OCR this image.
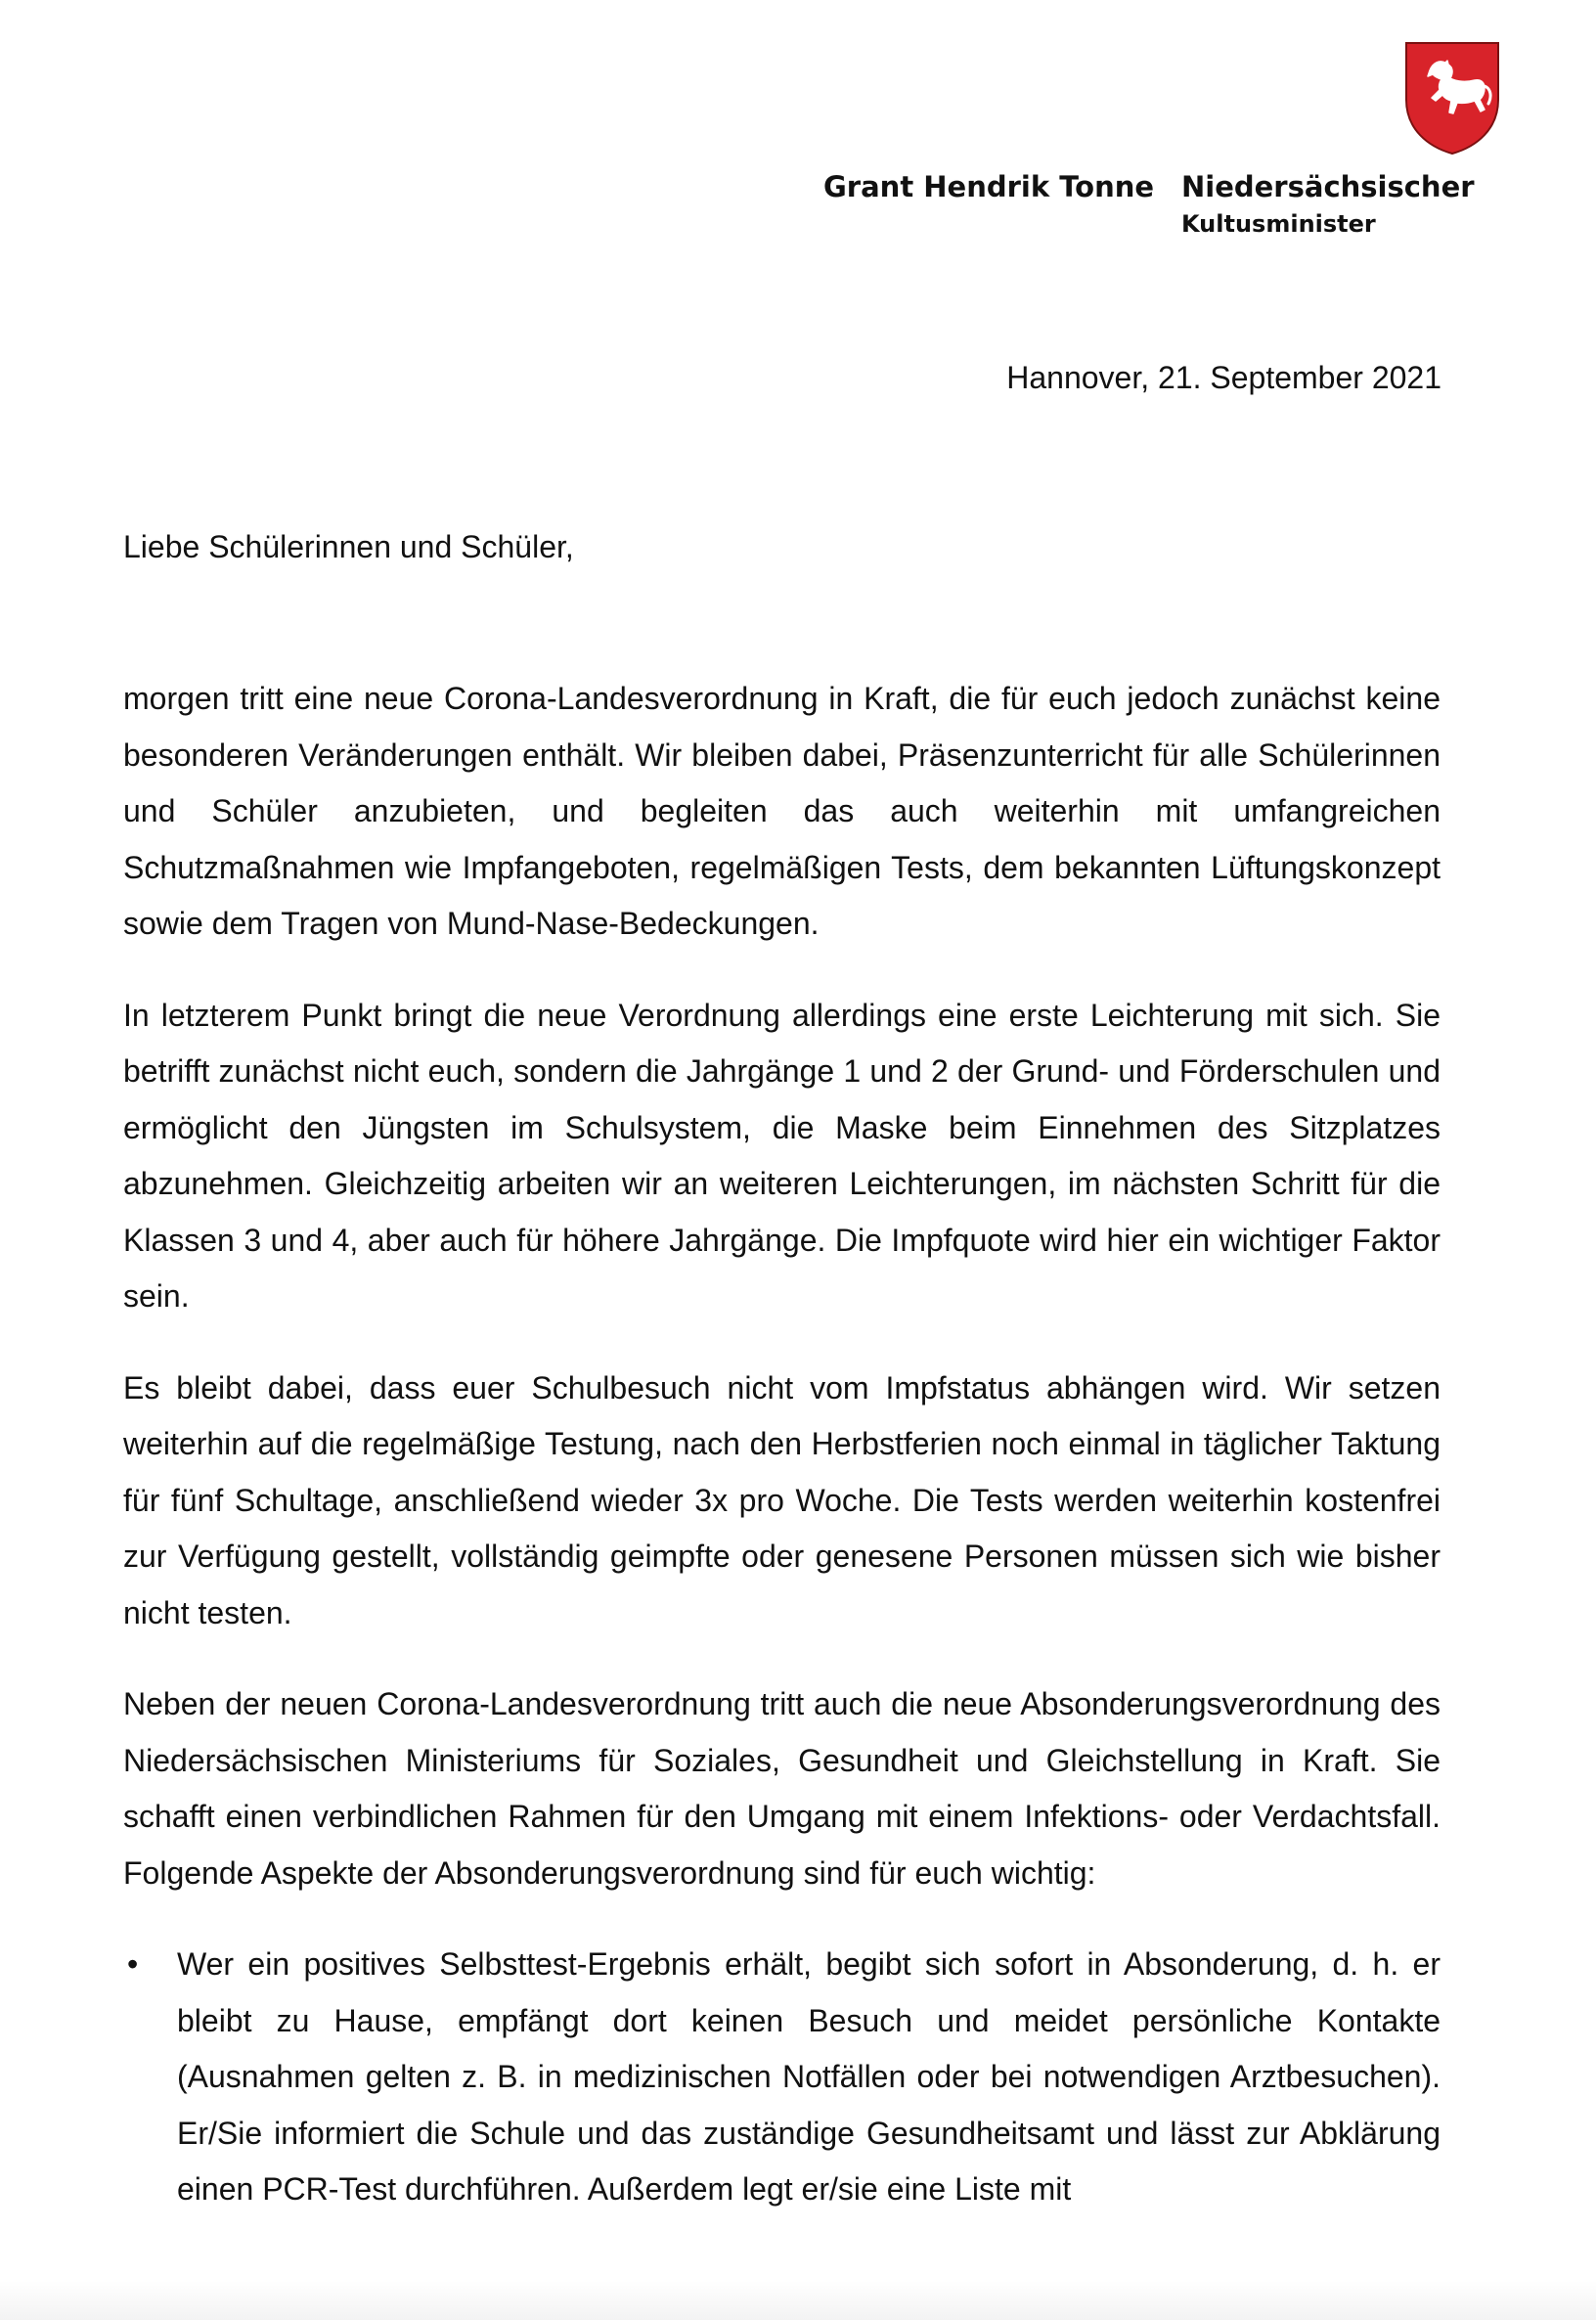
Grant Hendrik Tonne Niedersächsischer
Kultusminister
Hannover, 21. September 2021
Liebe Schülerinnen und Schüler,

morgen tritt eine neue Corona-Landesverordnung in Kraft, die für euch jedoch zunächst keine besonderen Veränderungen enthält. Wir bleiben dabei, Präsenzunterricht für alle Schülerinnen und Schüler anzubieten, und begleiten das auch weiterhin mit umfangreichen Schutzmaßnahmen wie Impfangeboten, regelmäßigen Tests, dem bekannten Lüftungskonzept sowie dem Tragen von Mund-Nase-Bedeckungen.

In letzterem Punkt bringt die neue Verordnung allerdings eine erste Leichterung mit sich. Sie betrifft zunächst nicht euch, sondern die Jahrgänge 1 und 2 der Grund- und Förderschulen und ermöglicht den Jüngsten im Schulsystem, die Maske beim Einnehmen des Sitzplatzes abzunehmen. Gleichzeitig arbeiten wir an weiteren Leichterungen, im nächsten Schritt für die Klassen 3 und 4, aber auch für höhere Jahrgänge. Die Impfquote wird hier ein wichtiger Faktor sein.

Es bleibt dabei, dass euer Schulbesuch nicht vom Impfstatus abhängen wird. Wir setzen weiterhin auf die regelmäßige Testung, nach den Herbstferien noch einmal in täglicher Taktung für fünf Schultage, anschließend wieder 3x pro Woche. Die Tests werden weiterhin kostenfrei zur Verfügung gestellt, vollständig geimpfte oder genesene Personen müssen sich wie bisher nicht testen.

Neben der neuen Corona-Landesverordnung tritt auch die neue Absonderungsverordnung des Niedersächsischen Ministeriums für Soziales, Gesundheit und Gleichstellung in Kraft. Sie schafft einen verbindlichen Rahmen für den Umgang mit einem Infektions- oder Verdachtsfall. Folgende Aspekte der Absonderungsverordnung sind für euch wichtig:

• Wer ein positives Selbsttest-Ergebnis erhält, begibt sich sofort in Absonderung, d. h. er bleibt zu Hause, empfängt dort keinen Besuch und meidet persönliche Kontakte (Ausnahmen gelten z. B. in medizinischen Notfällen oder bei notwendigen Arztbesuchen). Er/Sie informiert die Schule und das zuständige Gesundheitsamt und lässt zur Abklärung einen PCR-Test durchführen. Außerdem legt er/sie eine Liste mit
